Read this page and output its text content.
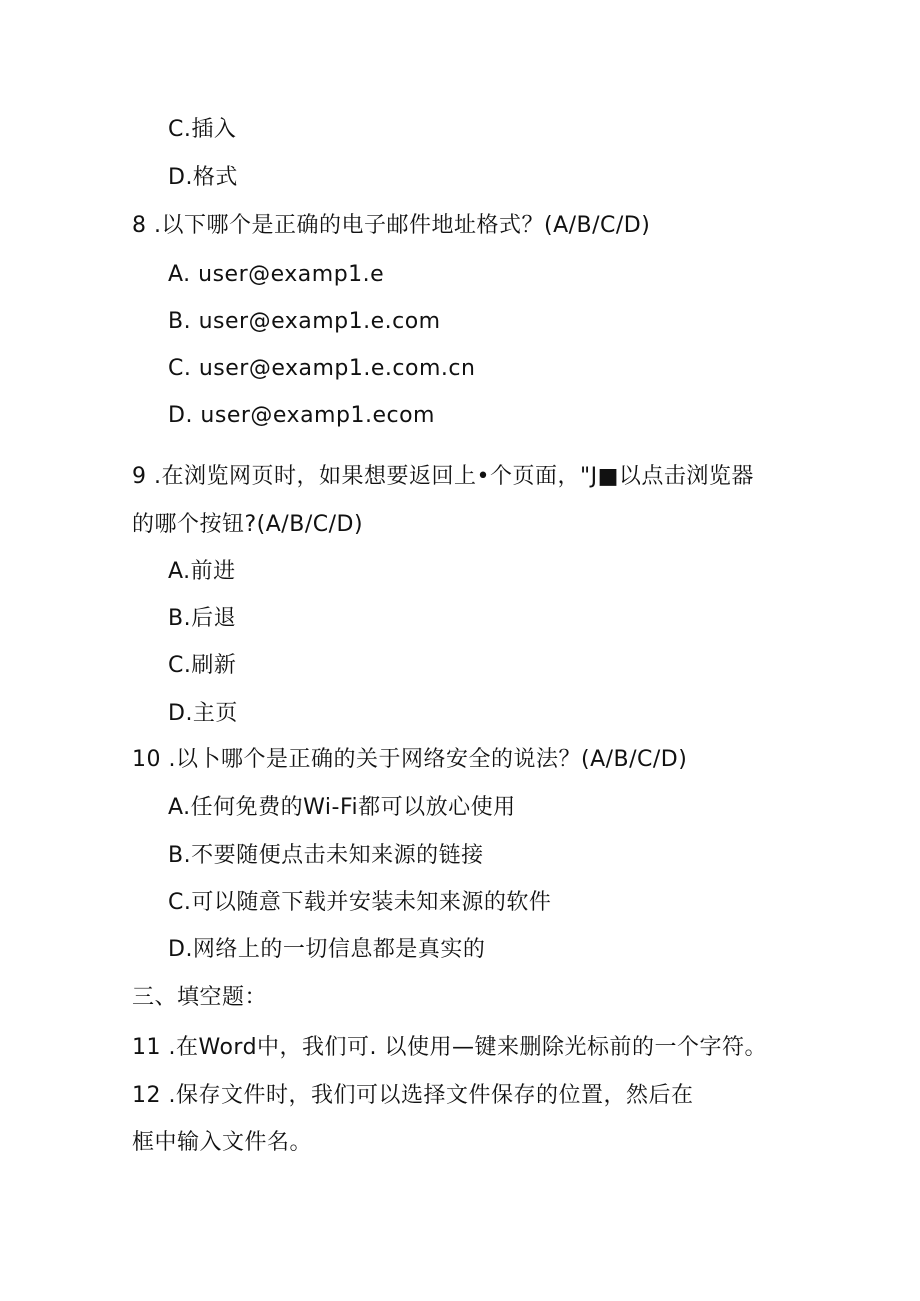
C.插入
D.格式
8 .以下哪个是正确的电子邮件地址格式？(A/B/C/D)
A. user@examp1.e
B. user@examp1.e.com
C. user@examp1.e.com.cn
D. user@examp1.ecom
9 .在浏览网页时，如果想要返回上•个页面，"J■以点击浏览器
的哪个按钮?(A/B/C/D)
A.前进
B.后退
C.刷新
D.主页
10 .以卜哪个是正确的关于网络安全的说法？(A/B/C/D)
A.任何免费的Wi-Fi都可以放心使用
B.不要随便点击未知来源的链接
C.可以随意下载并安装未知来源的软件
D.网络上的一切信息都是真实的
三、填空题：
11 .在Word中，我们可. 以使用—键来删除光标前的一个字符。
12 .保存文件时，我们可以选择文件保存的位置，然后在
框中输入文件名。
